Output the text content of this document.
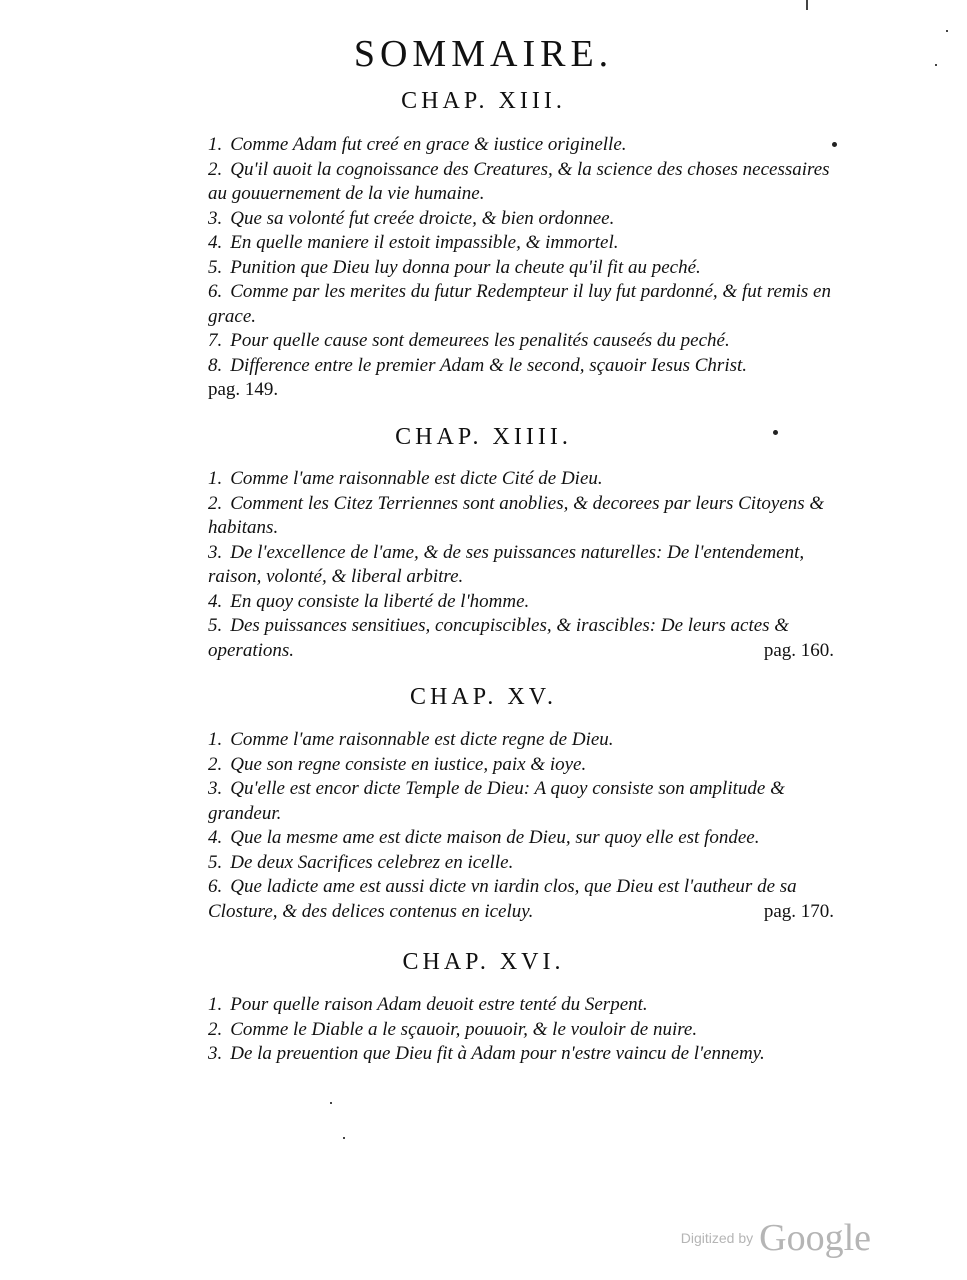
SOMMAIRE.
CHAP. XIII.

1. Comme Adam fut creé en grace & iustice originelle.

2. Qu'il auoit la cognoissance des Creatures, & la science des choses necessaires au gouuernement de la vie humaine.

3. Que sa volonté fut creée droicte, & bien ordonnee.

4. En quelle maniere il estoit impassible, & immortel.

5. Punition que Dieu luy donna pour la cheute qu'il fit au peché.

6. Comme par les merites du futur Redempteur il luy fut pardonné, & fut remis en grace.

7. Pour quelle cause sont demeurees les penalités causeés du peché.

8. Difference entre le premier Adam & le second, sçauoir Iesus Christ.

pag. 149.

CHAP. XIIII.

1. Comme l'ame raisonnable est dicte Cité de Dieu.

2. Comment les Citez Terriennes sont anoblies, & decorees par leurs Citoyens & habitans.

3. De l'excellence de l'ame, & de ses puissances naturelles: De l'entendement, raison, volonté, & liberal arbitre.

4. En quoy consiste la liberté de l'homme.

5. Des puissances sensitiues, concupiscibles, & irascibles: De leurs actes & operations.	pag. 160.

CHAP. XV.

1. Comme l'ame raisonnable est dicte regne de Dieu.

2. Que son regne consiste en iustice, paix & ioye.

3. Qu'elle est encor dicte Temple de Dieu: A quoy consiste son amplitude & grandeur.

4. Que la mesme ame est dicte maison de Dieu, sur quoy elle est fondee.

5. De deux Sacrifices celebrez en icelle.

6. Que ladicte ame est aussi dicte vn iardin clos, que Dieu est l'autheur de sa Closture, & des delices contenus en iceluy.	pag. 170.

CHAP. XVI.

1. Pour quelle raison Adam deuoit estre tenté du Serpent.

2. Comme le Diable a le sçauoir, pouuoir, & le vouloir de nuire.

3. De la preuention que Dieu fit à Adam pour n'estre vaincu de l'ennemy.

Digitized by Google
